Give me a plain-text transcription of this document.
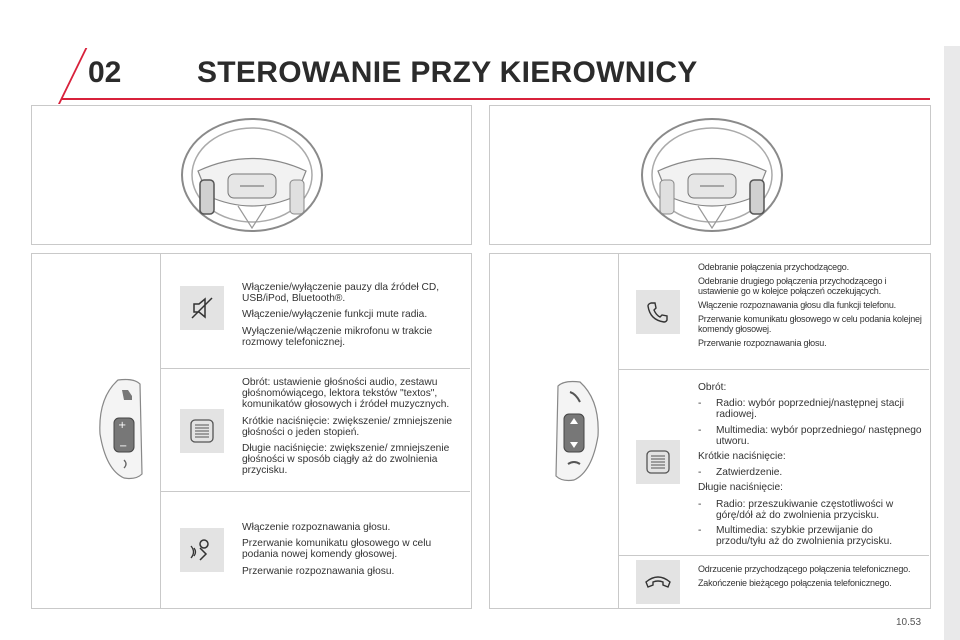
02	STEROWANIE PRZY KIEROWNICY
+
−

Włączenie/wyłączenie pauzy dla źródeł CD, USB/iPod, Bluetooth®.

Włączenie/wyłączenie funkcji mute radia.

Wyłączenie/włączenie mikrofonu w trakcie rozmowy telefonicznej.

Obrót: ustawienie głośności audio, zestawu głośnomówiącego, lektora tekstów "textos", komunikatów głosowych i źródeł muzycznych.

Krótkie naciśnięcie: zwiększenie/ zmniejszenie głośności o jeden stopień.

Długie naciśnięcie: zwiększenie/ zmniejszenie głośności w sposób ciągły aż do zwolnienia przycisku.

Włączenie rozpoznawania głosu.

Przerwanie komunikatu głosowego w celu podania nowej komendy głosowej.

Przerwanie rozpoznawania głosu.

Odebranie połączenia przychodzącego.

Odebranie drugiego połączenia przychodzącego i ustawienie go w kolejce połączeń oczekujących.

Włączenie rozpoznawania głosu dla funkcji telefonu.

Przerwanie komunikatu głosowego w celu podania kolejnej komendy głosowej.

Przerwanie rozpoznawania głosu.

Obrót:

-	Radio: wybór poprzedniej/następnej stacji radiowej.
-	Multimedia: wybór poprzedniego/ następnego utworu.

Krótkie naciśnięcie:

-	Zatwierdzenie.

Długie naciśnięcie:

-	Radio: przeszukiwanie częstotliwości w górę/dół aż do zwolnienia przycisku.
-	Multimedia: szybkie przewijanie do przodu/tyłu aż do zwolnienia przycisku.

Odrzucenie przychodzącego połączenia telefonicznego.

Zakończenie bieżącego połączenia telefonicznego.

10.53
